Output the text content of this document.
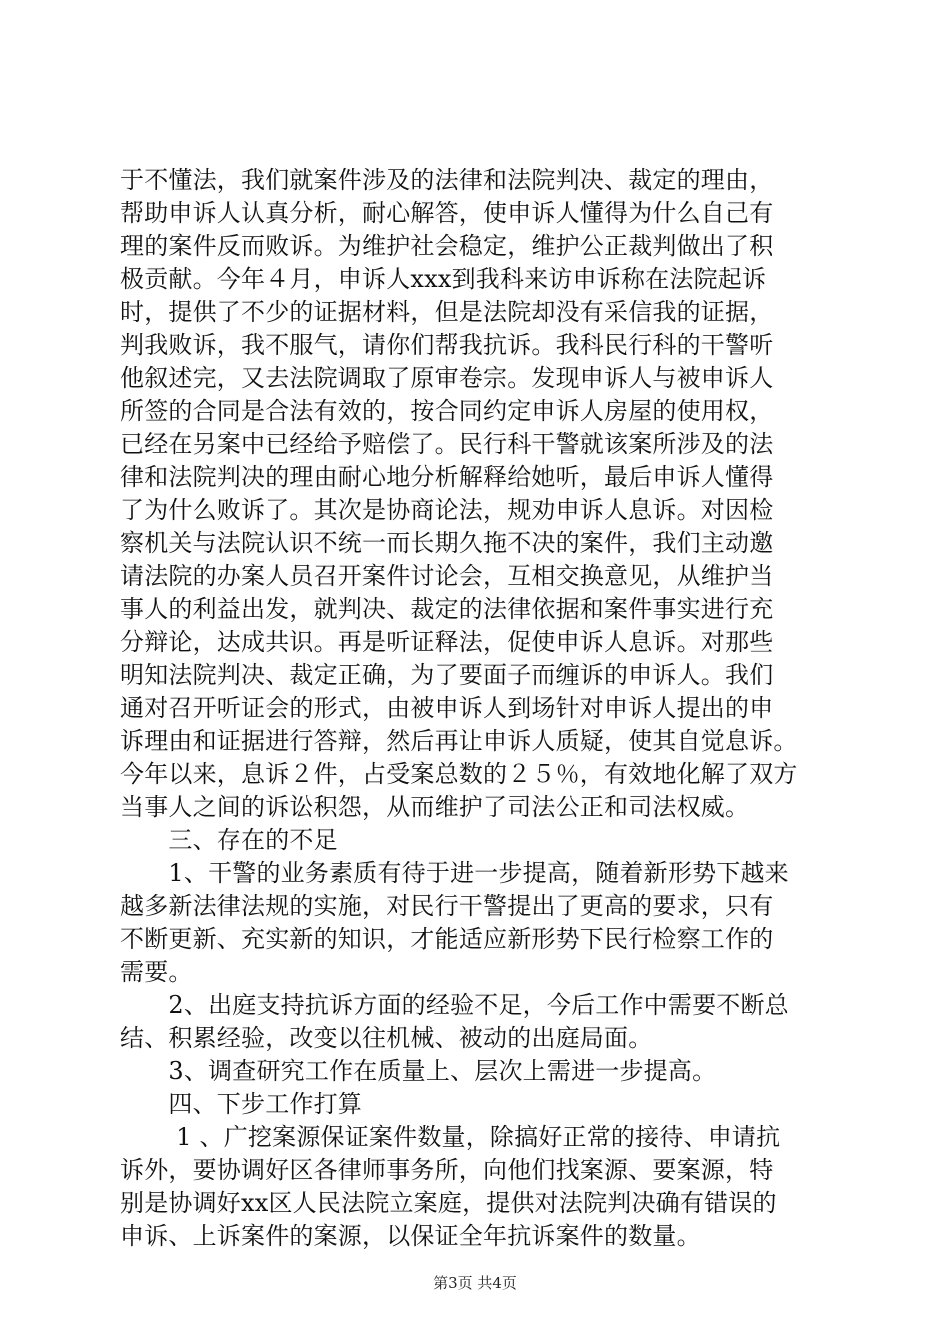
于不懂法，我们就案件涉及的法律和法院判决、裁定的理由，
帮助申诉人认真分析，耐心解答，使申诉人懂得为什么自己有
理的案件反而败诉。为维护社会稳定，维护公正裁判做出了积
极贡献。今年４月，申诉人xxx到我科来访申诉称在法院起诉
时，提供了不少的证据材料，但是法院却没有采信我的证据，
判我败诉，我不服气，请你们帮我抗诉。我科民行科的干警听
他叙述完，又去法院调取了原审卷宗。发现申诉人与被申诉人
所签的合同是合法有效的，按合同约定申诉人房屋的使用权，
已经在另案中已经给予赔偿了。民行科干警就该案所涉及的法
律和法院判决的理由耐心地分析解释给她听，最后申诉人懂得
了为什么败诉了。其次是协商论法，规劝申诉人息诉。对因检
察机关与法院认识不统一而长期久拖不决的案件，我们主动邀
请法院的办案人员召开案件讨论会，互相交换意见，从维护当
事人的利益出发，就判决、裁定的法律依据和案件事实进行充
分辩论，达成共识。再是听证释法，促使申诉人息诉。对那些
明知法院判决、裁定正确，为了要面子而缠诉的申诉人。我们
通对召开听证会的形式，由被申诉人到场针对申诉人提出的申
诉理由和证据进行答辩，然后再让申诉人质疑，使其自觉息诉。
今年以来，息诉２件，占受案总数的２５％，有效地化解了双方
当事人之间的诉讼积怨，从而维护了司法公正和司法权威。
　　三、存在的不足
　　1、干警的业务素质有待于进一步提高，随着新形势下越来
越多新法律法规的实施，对民行干警提出了更高的要求，只有
不断更新、充实新的知识，才能适应新形势下民行检察工作的
需要。
　　2、出庭支持抗诉方面的经验不足，今后工作中需要不断总
结、积累经验，改变以往机械、被动的出庭局面。
　　3、调查研究工作在质量上、层次上需进一步提高。
　　四、下步工作打算
　　 1 、广挖案源保证案件数量，除搞好正常的接待、申请抗
诉外，要协调好区各律师事务所，向他们找案源、要案源，特
别是协调好xx区人民法院立案庭，提供对法院判决确有错误的
申诉、上诉案件的案源，以保证全年抗诉案件的数量。
第3页 共4页
